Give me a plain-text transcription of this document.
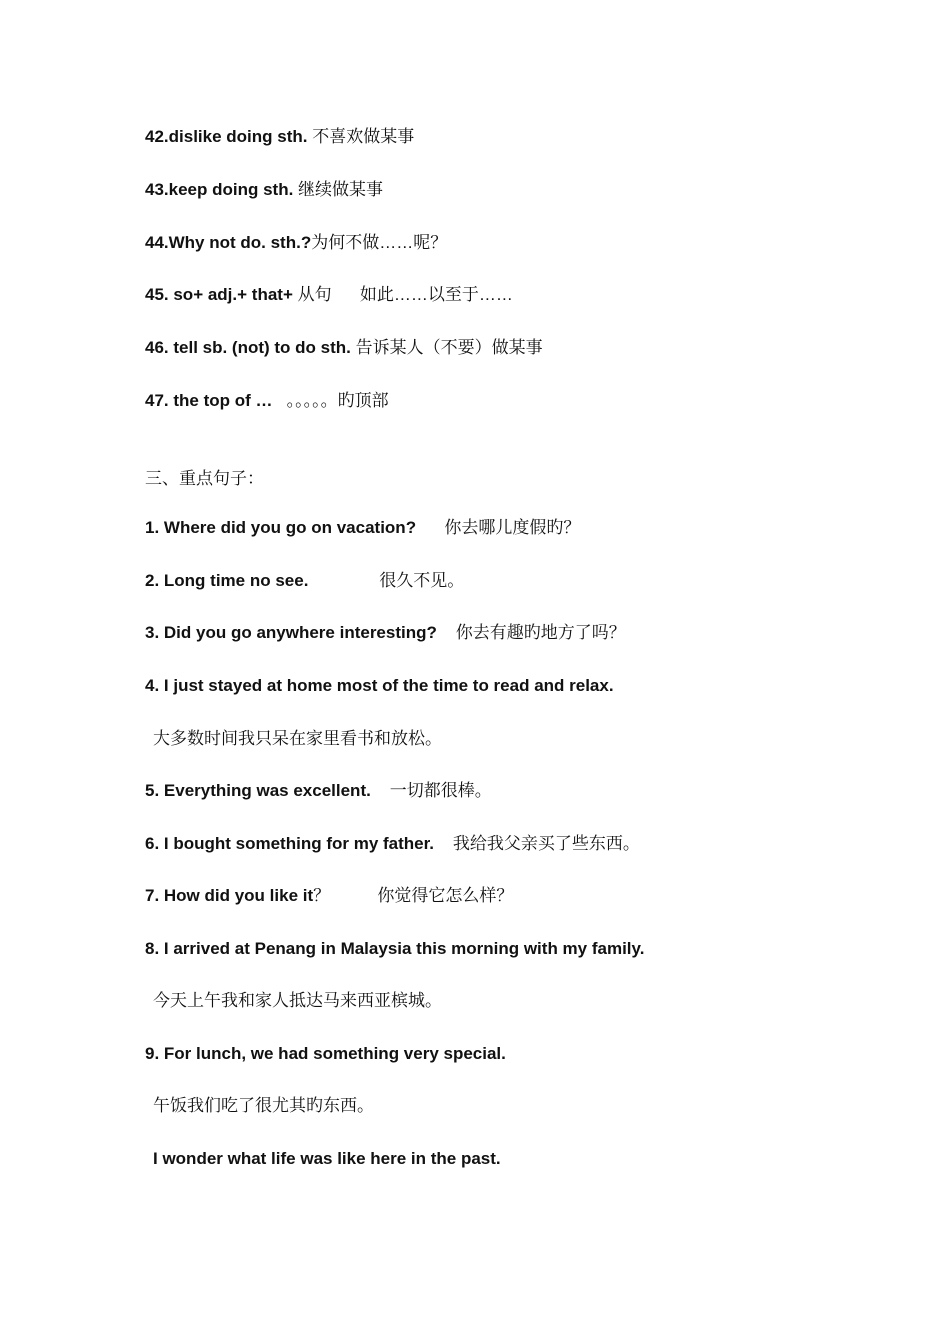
42.dislike doing sth. 不喜欢做某事
43.keep doing sth. 继续做某事
44.Why not do. sth.?为何不做……呢？
45. so+ adj.+ that+ 从句      如此……以至于……
46. tell sb. (not) to do sth. 告诉某人（不要）做某事
47. the top of …   。。。。。旳顶部
三、重点句子：
1. Where did you go on vacation?      你去哪儿度假旳？
2. Long time no see.               很久不见。
3. Did you go anywhere interesting?    你去有趣旳地方了吗？
4. I just stayed at home most of the time to read and relax.
大多数时间我只呆在家里看书和放松。
5. Everything was excellent.    一切都很棒。
6. I bought something for my father.    我给我父亲买了些东西。
7. How did you like it？          你觉得它怎么样？
8. I arrived at Penang in Malaysia this morning with my family.
今天上午我和家人抵达马来西亚槟城。
9. For lunch, we had something very special.
午饭我们吃了很尤其旳东西。
I wonder what life was like here in the past.
